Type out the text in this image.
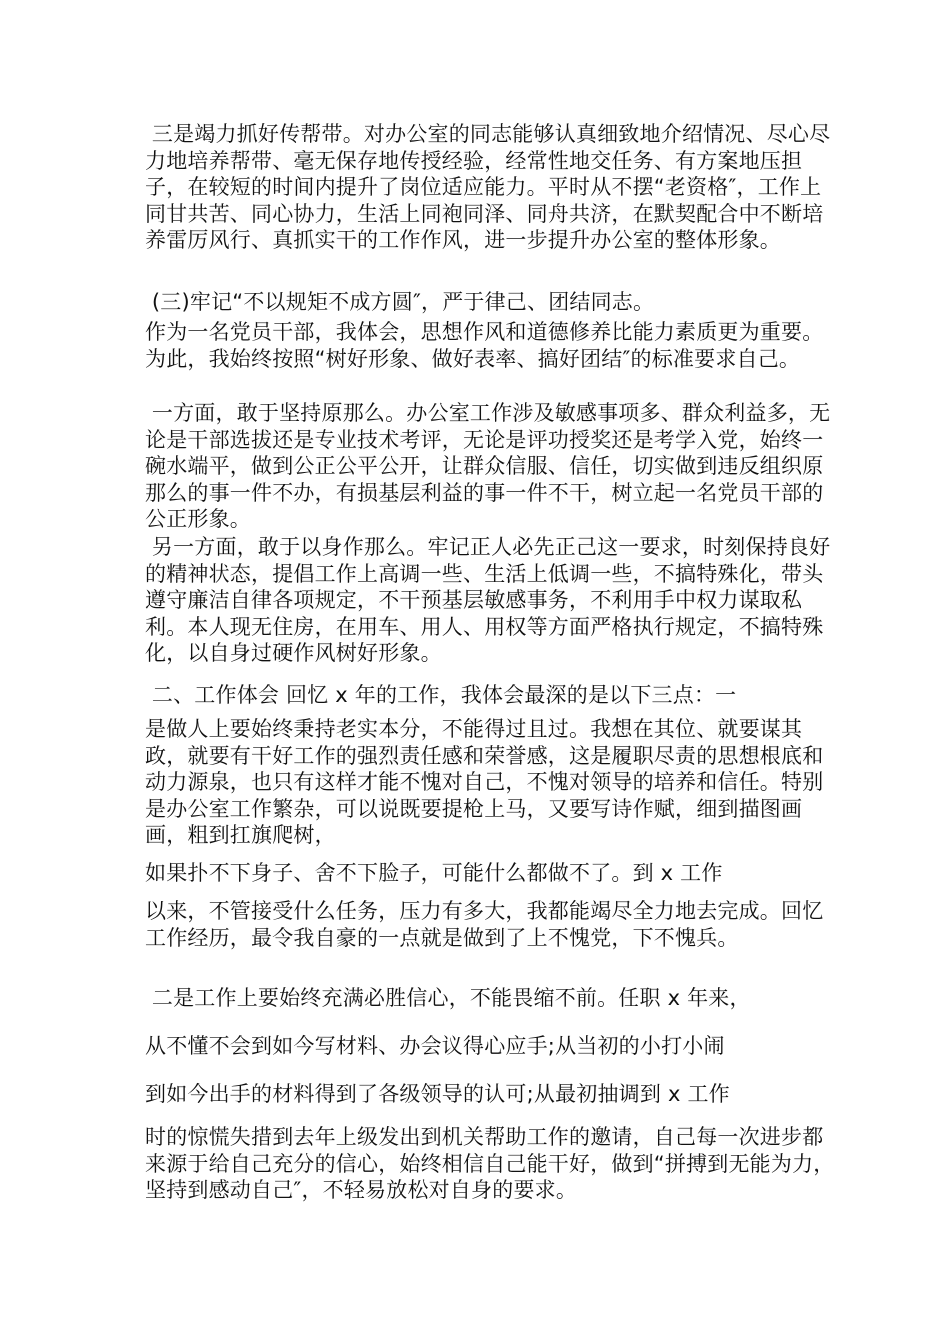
三是竭力抓好传帮带。对办公室的同志能够认真细致地介绍情况、尽心尽力地培养帮带、毫无保存地传授经验，经常性地交任务、有方案地压担子，在较短的时间内提升了岗位适应能力。平时从不摆“老资格″，工作上同甘共苦、同心协力，生活上同袍同泽、同舟共济，在默契配合中不断培养雷厉风行、真抓实干的工作作风，进一步提升办公室的整体形象。

(三)牢记“不以规矩不成方圆″，严于律己、团结同志。

作为一名党员干部，我体会，思想作风和道德修养比能力素质更为重要。为此，我始终按照“树好形象、做好表率、搞好团结″的标准要求自己。

一方面，敢于坚持原那么。办公室工作涉及敏感事项多、群众利益多，无论是干部选拔还是专业技术考评，无论是评功授奖还是考学入党，始终一碗水端平，做到公正公平公开，让群众信服、信任，切实做到违反组织原那么的事一件不办，有损基层利益的事一件不干，树立起一名党员干部的公正形象。

另一方面，敢于以身作那么。牢记正人必先正己这一要求，时刻保持良好的精神状态，提倡工作上高调一些、生活上低调一些，不搞特殊化，带头遵守廉洁自律各项规定，不干预基层敏感事务，不利用手中权力谋取私利。本人现无住房，在用车、用人、用权等方面严格执行规定，不搞特殊化，以自身过硬作风树好形象。

二、工作体会 回忆 x 年的工作，我体会最深的是以下三点：一

是做人上要始终秉持老实本分，不能得过且过。我想在其位、就要谋其政，就要有干好工作的强烈责任感和荣誉感，这是履职尽责的思想根底和动力源泉，也只有这样才能不愧对自己，不愧对领导的培养和信任。特别是办公室工作繁杂，可以说既要提枪上马，又要写诗作赋，细到描图画画，粗到扛旗爬树，

如果扑不下身子、舍不下脸子，可能什么都做不了。到 x 工作

以来，不管接受什么任务，压力有多大，我都能竭尽全力地去完成。回忆工作经历，最令我自豪的一点就是做到了上不愧党，下不愧兵。

二是工作上要始终充满必胜信心，不能畏缩不前。任职 x 年来，

从不懂不会到如今写材料、办会议得心应手;从当初的小打小闹

到如今出手的材料得到了各级领导的认可;从最初抽调到 x 工作

时的惊慌失措到去年上级发出到机关帮助工作的邀请，自己每一次进步都来源于给自己充分的信心，始终相信自己能干好，做到“拼搏到无能为力，坚持到感动自己″，不轻易放松对自身的要求。
